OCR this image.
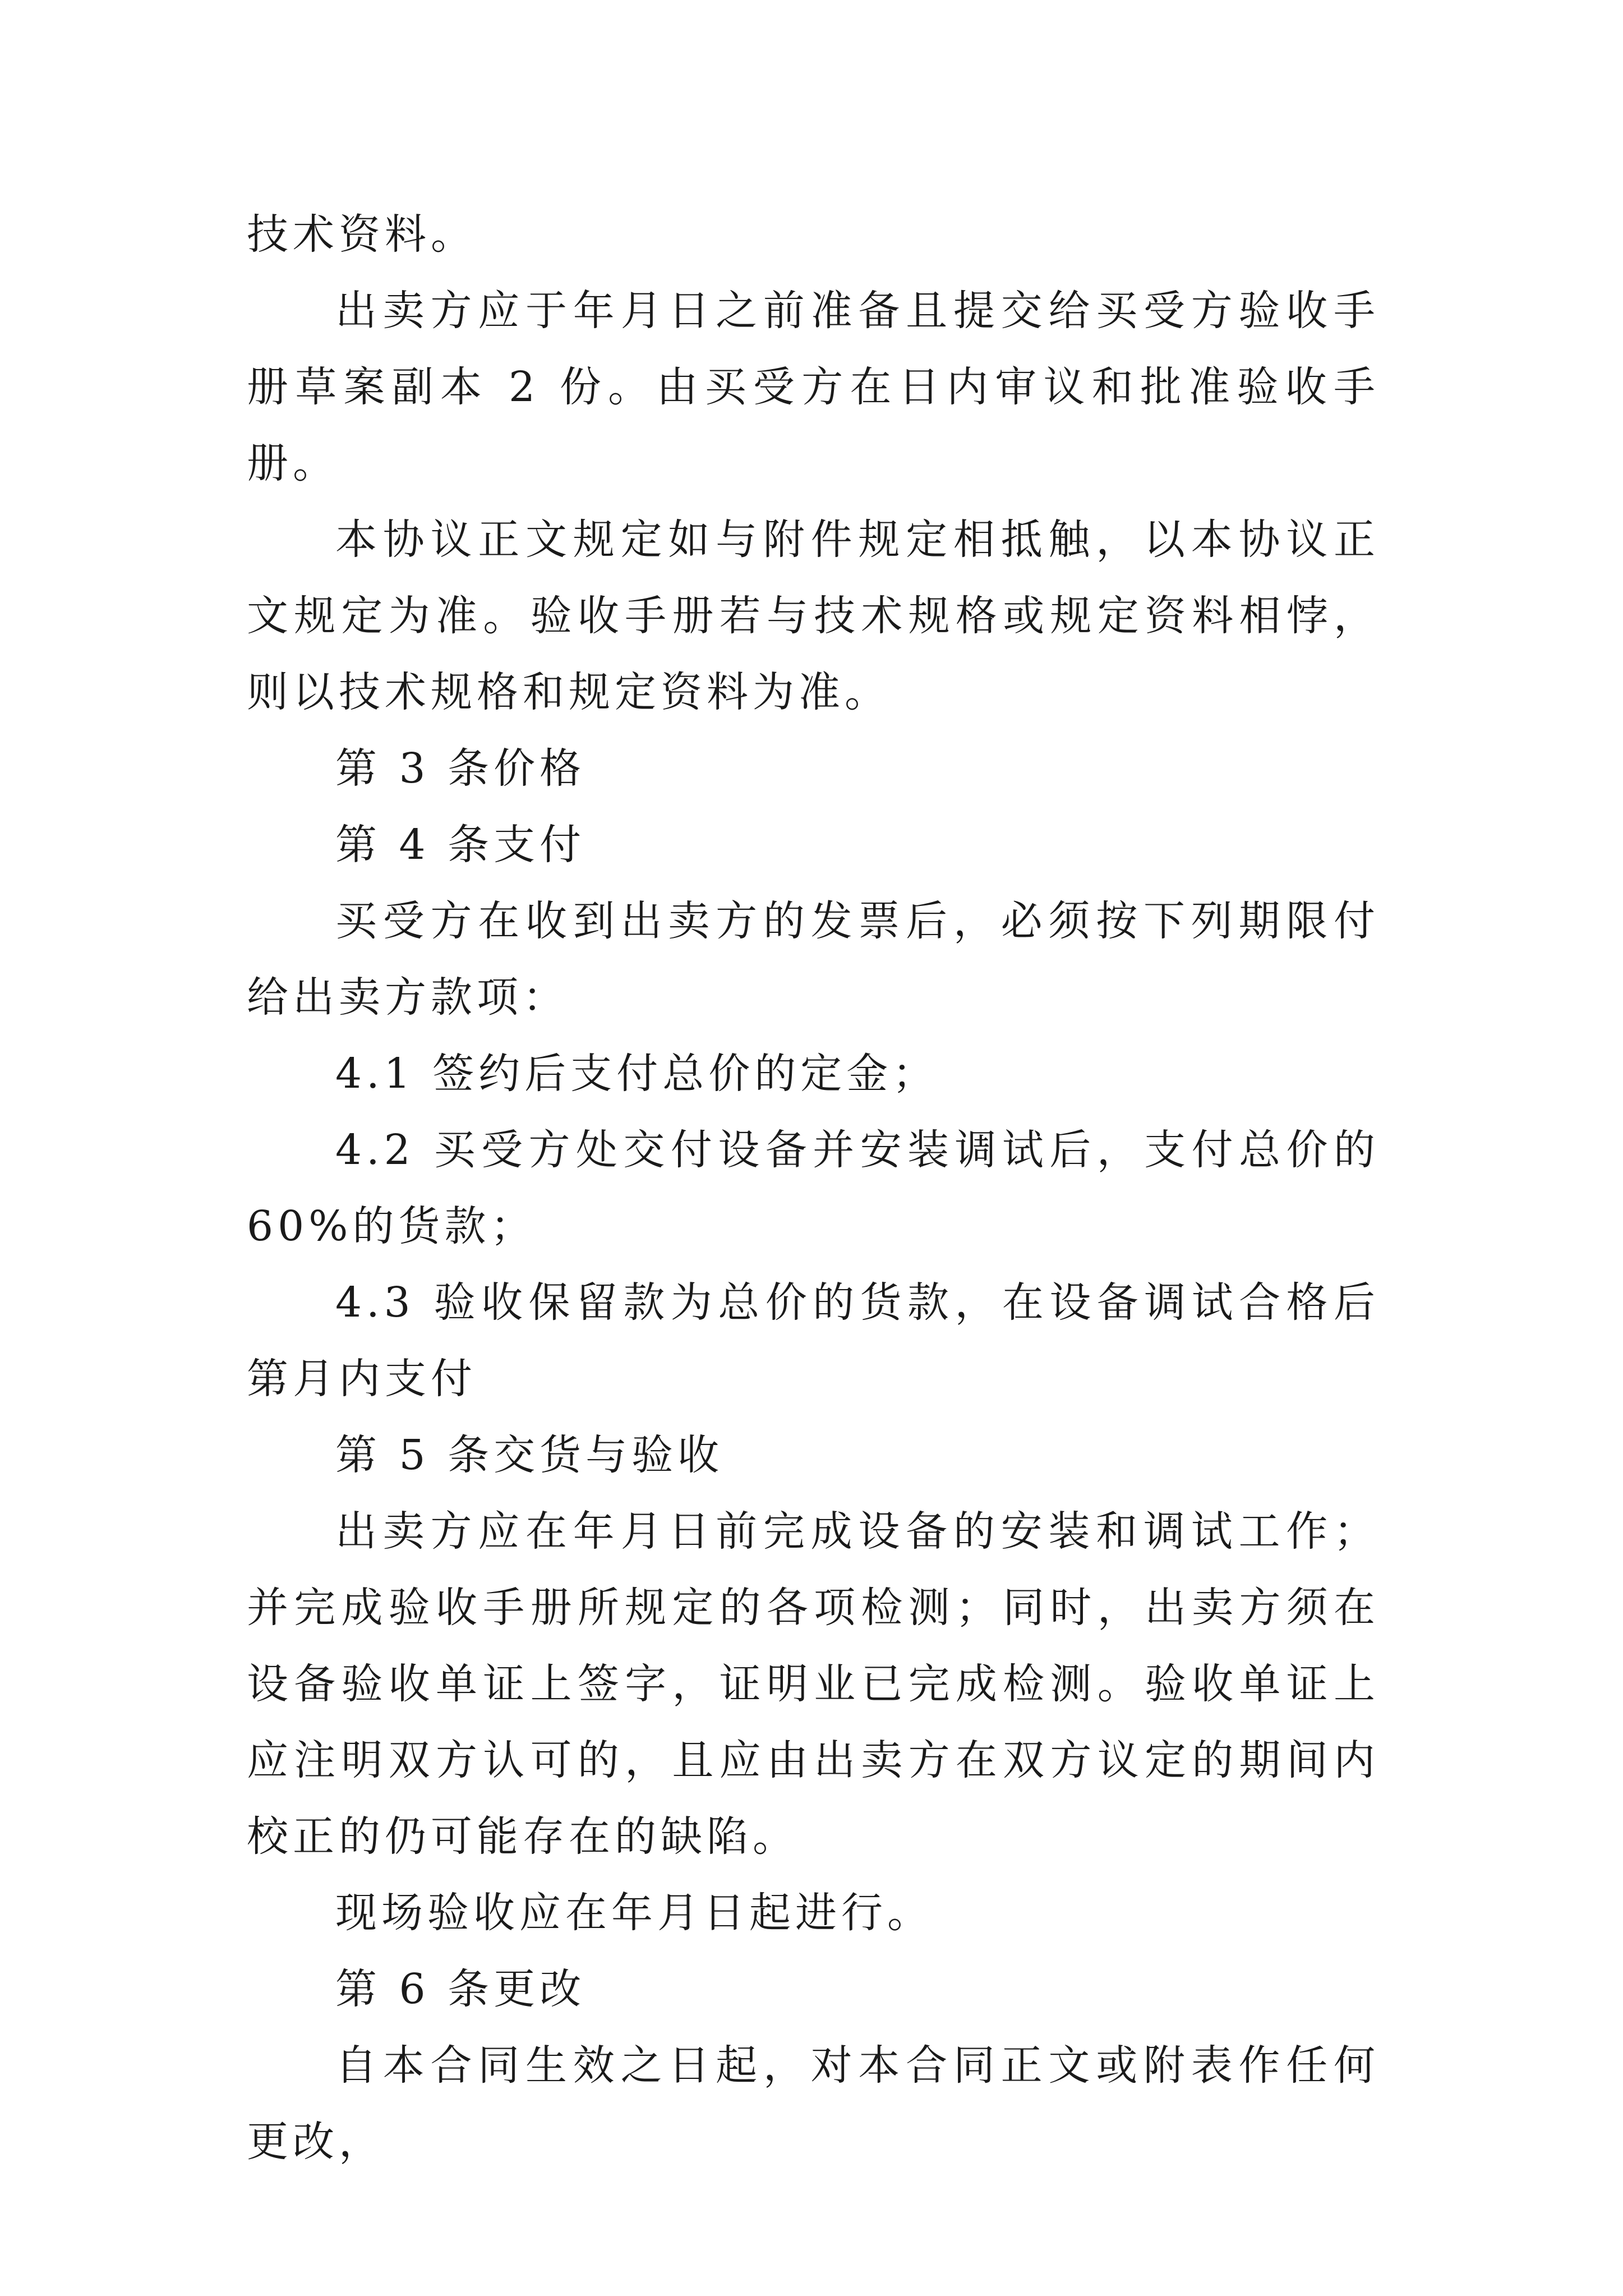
技术资料。

出卖方应于年月日之前准备且提交给买受方验收手册草案副本 2 份。由买受方在日内审议和批准验收手册。

本协议正文规定如与附件规定相抵触，以本协议正文规定为准。验收手册若与技术规格或规定资料相悖，则以技术规格和规定资料为准。

第 3 条价格

第 4 条支付

买受方在收到出卖方的发票后，必须按下列期限付给出卖方款项：

4.1 签约后支付总价的定金；

4.2 买受方处交付设备并安装调试后，支付总价的 60%的货款；

4.3 验收保留款为总价的货款，在设备调试合格后第月内支付

第 5 条交货与验收

出卖方应在年月日前完成设备的安装和调试工作；并完成验收手册所规定的各项检测；同时，出卖方须在设备验收单证上签字，证明业已完成检测。验收单证上应注明双方认可的，且应由出卖方在双方议定的期间内校正的仍可能存在的缺陷。

现场验收应在年月日起进行。

第 6 条更改

自本合同生效之日起，对本合同正文或附表作任何更改，
